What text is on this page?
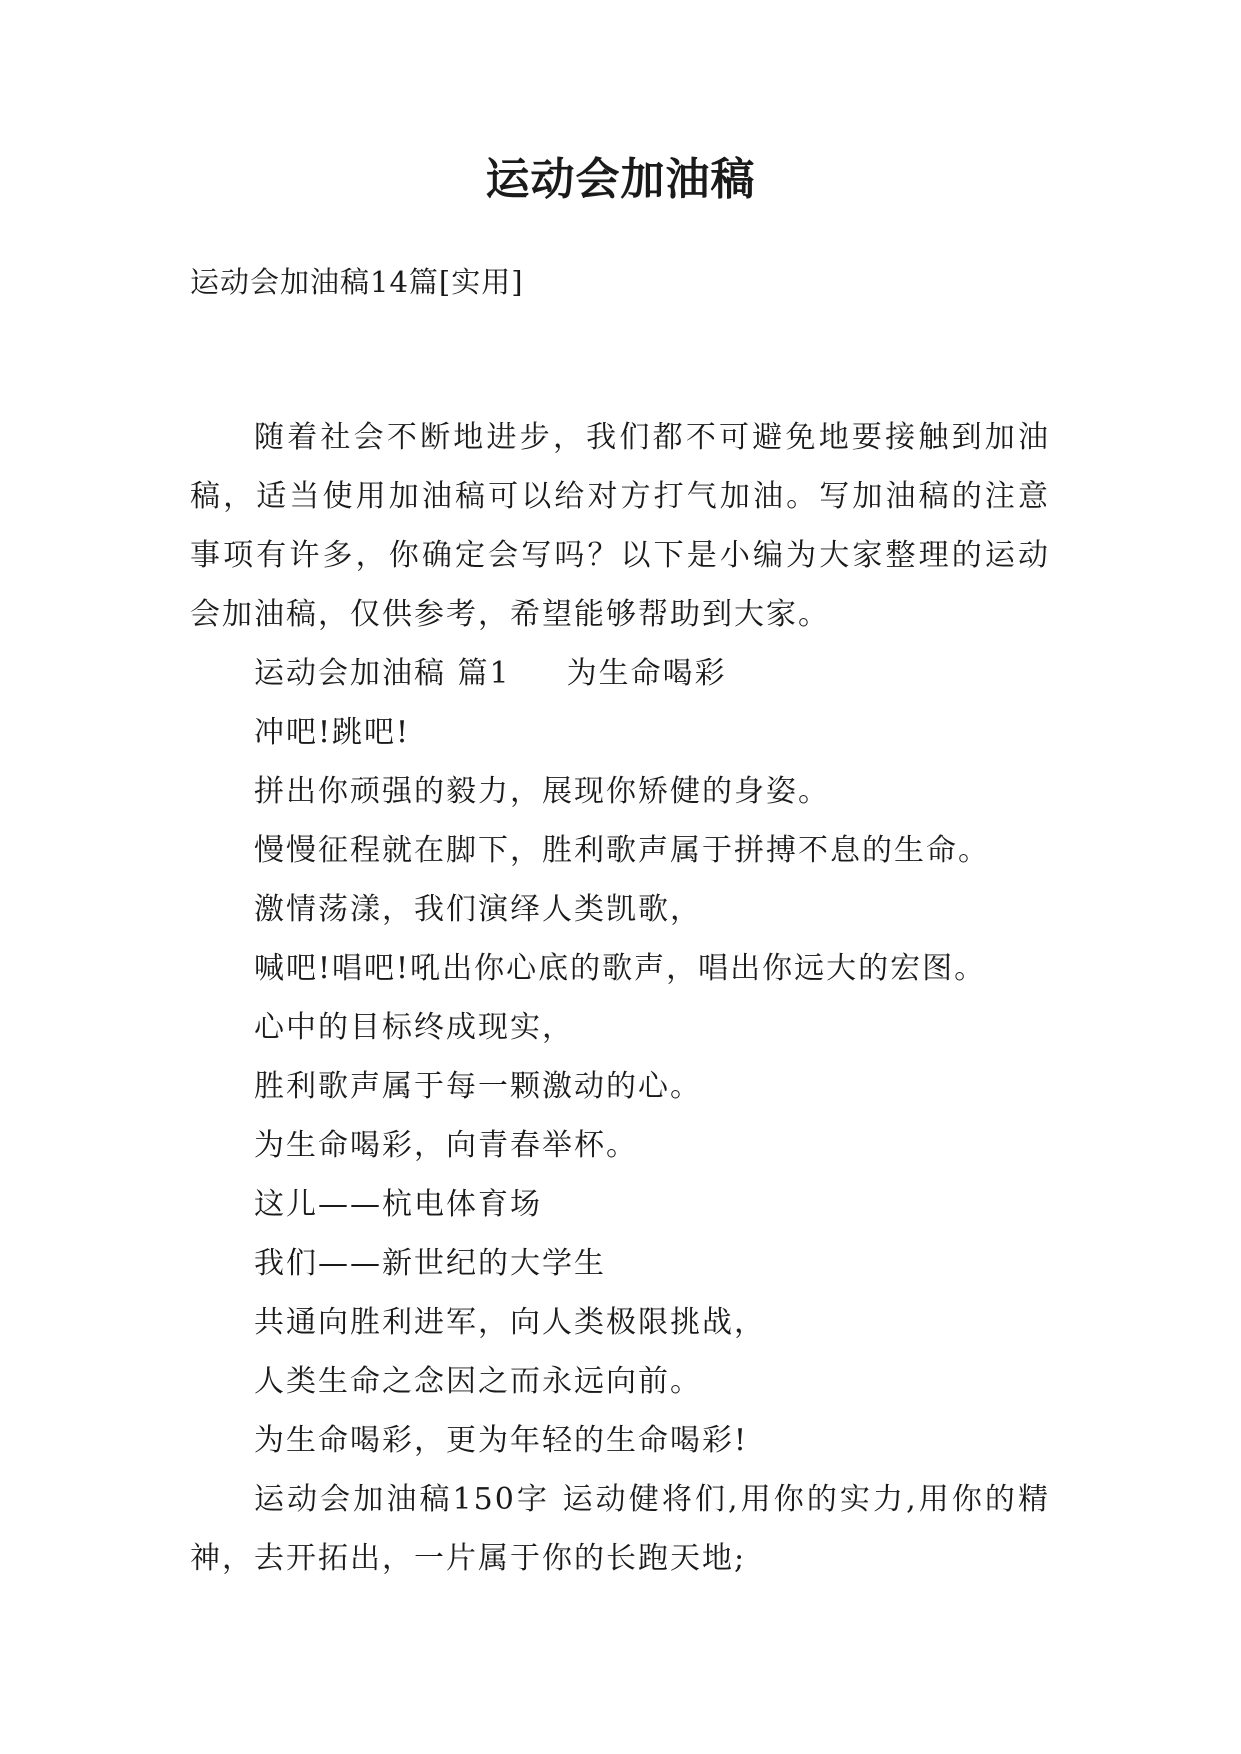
运动会加油稿
运动会加油稿14篇[实用]

随着社会不断地进步，我们都不可避免地要接触到加油稿，适当使用加油稿可以给对方打气加油。写加油稿的注意事项有许多，你确定会写吗？以下是小编为大家整理的运动会加油稿，仅供参考，希望能够帮助到大家。

运动会加油稿 篇1 为生命喝彩
冲吧!跳吧!
拼出你顽强的毅力，展现你矫健的身姿。
慢慢征程就在脚下，胜利歌声属于拼搏不息的生命。
激情荡漾，我们演绎人类凯歌，
喊吧!唱吧!吼出你心底的歌声，唱出你远大的宏图。
心中的目标终成现实，
胜利歌声属于每一颗激动的心。
为生命喝彩，向青春举杯。
这儿——杭电体育场
我们——新世纪的大学生
共通向胜利进军，向人类极限挑战，
人类生命之念因之而永远向前。
为生命喝彩，更为年轻的生命喝彩!

运动会加油稿150字 运动健将们,用你的实力,用你的精神，去开拓出，一片属于你的长跑天地;
